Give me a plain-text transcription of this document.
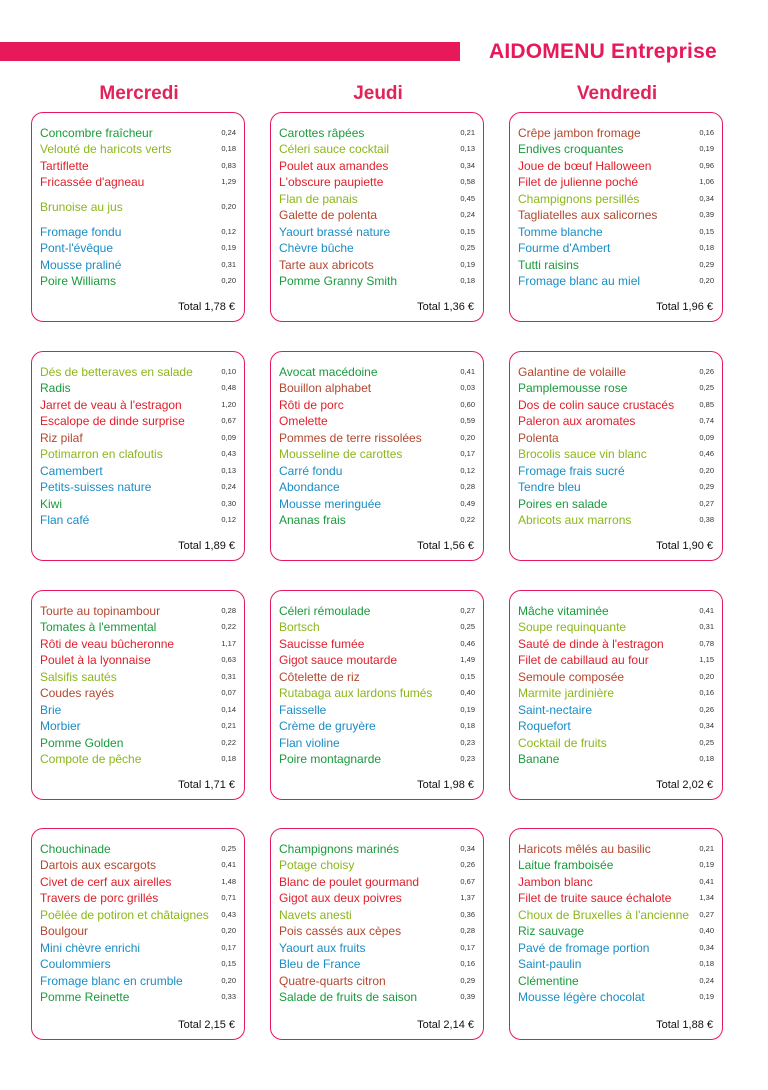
AIDOMENU Entreprise
Mercredi	Jeudi	Vendredi
Concombre fraîcheur	0,24
Velouté de haricots verts	0,18
Tartiflette	0,83
Fricassée d'agneau	1,29
Brunoise au jus	0,20
Fromage fondu	0,12
Pont-l'évêque	0,19
Mousse praliné	0,31
Poire Williams	0,20
Total 1,78 €
Carottes râpées	0,21
Céleri sauce cocktail	0,13
Poulet aux amandes	0,34
L'obscure paupiette	0,58
Flan de panais	0,45
Galette de polenta	0,24
Yaourt brassé nature	0,15
Chèvre bûche	0,25
Tarte aux abricots	0,19
Pomme Granny Smith	0,18
Total 1,36 €
Crêpe jambon fromage	0,16
Endives croquantes	0,19
Joue de bœuf Halloween	0,96
Filet de julienne poché	1,06
Champignons persillés	0,34
Tagliatelles aux salicornes	0,39
Tomme blanche	0,15
Fourme d'Ambert	0,18
Tutti raisins	0,29
Fromage blanc au miel	0,20
Total 1,96 €
Dés de betteraves en salade	0,10
Radis	0,48
Jarret de veau à l'estragon	1,20
Escalope de dinde surprise	0,67
Riz pilaf	0,09
Potimarron en clafoutis	0,43
Camembert	0,13
Petits-suisses nature	0,24
Kiwi	0,30
Flan café	0,12
Total 1,89 €
Avocat macédoine	0,41
Bouillon alphabet	0,03
Rôti de porc	0,60
Omelette	0,59
Pommes de terre rissolées	0,20
Mousseline de carottes	0,17
Carré fondu	0,12
Abondance	0,28
Mousse meringuée	0,49
Ananas frais	0,22
Total 1,56 €
Galantine de volaille	0,26
Pamplemousse rose	0,25
Dos de colin sauce crustacés	0,85
Paleron aux aromates	0,74
Polenta	0,09
Brocolis sauce vin blanc	0,46
Fromage frais sucré	0,20
Tendre bleu	0,29
Poires en salade	0,27
Abricots aux marrons	0,38
Total 1,90 €
Tourte au topinambour	0,28
Tomates à l'emmental	0,22
Rôti de veau bûcheronne	1,17
Poulet à la lyonnaise	0,63
Salsifis sautés	0,31
Coudes rayés	0,07
Brie	0,14
Morbier	0,21
Pomme Golden	0,22
Compote de pêche	0,18
Total 1,71 €
Céleri rémoulade	0,27
Bortsch	0,25
Saucisse fumée	0,46
Gigot sauce moutarde	1,49
Côtelette de riz	0,15
Rutabaga aux lardons fumés	0,40
Faisselle	0,19
Crème de gruyère	0,18
Flan violine	0,23
Poire montagnarde	0,23
Total 1,98 €
Mâche vitaminée	0,41
Soupe requinquante	0,31
Sauté de dinde à l'estragon	0,78
Filet de cabillaud au four	1,15
Semoule composée	0,20
Marmite jardinière	0,16
Saint-nectaire	0,26
Roquefort	0,34
Cocktail de fruits	0,25
Banane	0,18
Total 2,02 €
Chouchinade	0,25
Dartois aux escargots	0,41
Civet de cerf aux airelles	1,48
Travers de porc grillés	0,71
Poêlée de potiron et châtaignes 0,43
Boulgour	0,20
Mini chèvre enrichi	0,17
Coulommiers	0,15
Fromage blanc en crumble	0,20
Pomme Reinette	0,33
Total 2,15 €
Champignons marinés	0,34
Potage choisy	0,26
Blanc de poulet gourmand	0,67
Gigot aux deux poivres	1,37
Navets anesti	0,36
Pois cassés aux cèpes	0,28
Yaourt aux fruits	0,17
Bleu de France	0,16
Quatre-quarts citron	0,29
Salade de fruits de saison	0,39
Total 2,14 €
Haricots mêlés au basilic	0,21
Laitue framboisée	0,19
Jambon blanc	0,41
Filet de truite sauce échalote	1,34
Choux de Bruxelles à l'ancienne 0,27
Riz sauvage	0,40
Pavé de fromage portion	0,34
Saint-paulin	0,18
Clémentine	0,24
Mousse légère chocolat	0,19
Total 1,88 €
